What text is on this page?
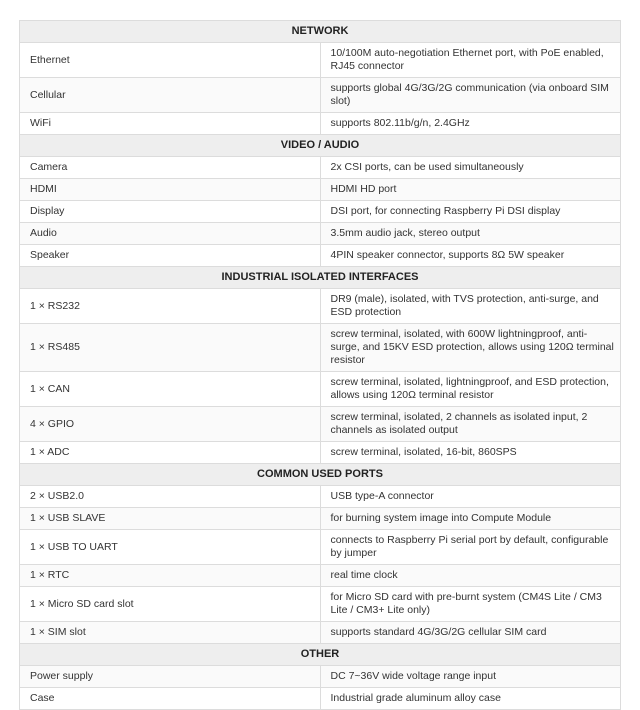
NETWORK	
Ethernet	10/100M auto-negotiation Ethernet port, with PoE enabled, RJ45 connector
Cellular	supports global 4G/3G/2G communication (via onboard SIM slot)
WiFi	supports 802.11b/g/n, 2.4GHz
VIDEO / AUDIO	
Camera	2x CSI ports, can be used simultaneously
HDMI	HDMI HD port
Display	DSI port, for connecting Raspberry Pi DSI display
Audio	3.5mm audio jack, stereo output
Speaker	4PIN speaker connector, supports 8Ω 5W speaker
INDUSTRIAL ISOLATED INTERFACES	
1 × RS232	DR9 (male), isolated, with TVS protection, anti-surge, and ESD protection
1 × RS485	screw terminal, isolated, with 600W lightningproof, anti-surge, and 15KV ESD protection, allows using 120Ω terminal resistor
1 × CAN	screw terminal, isolated, lightningproof, and ESD protection, allows using 120Ω terminal resistor
4 × GPIO	screw terminal, isolated, 2 channels as isolated input, 2 channels as isolated output
1 × ADC	screw terminal, isolated, 16-bit, 860SPS
COMMON USED PORTS	
2 × USB2.0	USB type-A connector
1 × USB SLAVE	for burning system image into Compute Module
1 × USB TO UART	connects to Raspberry Pi serial port by default, configurable by jumper
1 × RTC	real time clock
1 × Micro SD card slot	for Micro SD card with pre-burnt system (CM4S Lite / CM3 Lite / CM3+ Lite only)
1 × SIM slot	supports standard 4G/3G/2G cellular SIM card
OTHER	
Power supply	DC 7~36V wide voltage range input
Case	Industrial grade aluminum alloy case
